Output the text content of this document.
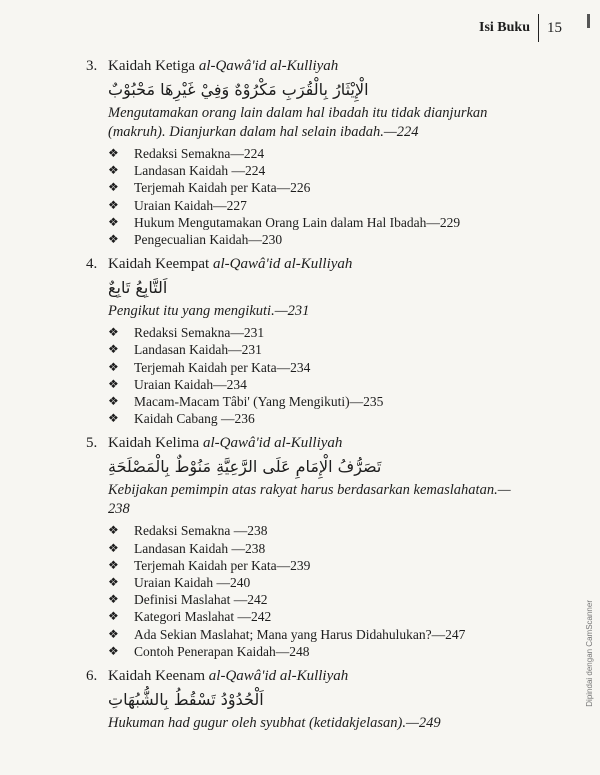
Isi Buku	15
3. Kaidah Ketiga al-Qawâ'id al-Kulliyah
الْإِيْثَارُ بِالْقُرَبِ مَكْرُوْهٌ وَفِيْ غَيْرِهَا مَحْبُوْبٌ
Mengutamakan orang lain dalam hal ibadah itu tidak dianjurkan (makruh). Dianjurkan dalam hal selain ibadah.—224
❖	Redaksi Semakna—224
❖	Landasan Kaidah —224
❖	Terjemah Kaidah per Kata—226
❖	Uraian Kaidah—227
❖	Hukum Mengutamakan Orang Lain dalam Hal Ibadah—229
❖	Pengecualian Kaidah—230
4. Kaidah Keempat al-Qawâ'id al-Kulliyah
اَلتَّابِعُ تَابِعٌ
Pengikut itu yang mengikuti.—231
❖	Redaksi Semakna—231
❖	Landasan Kaidah—231
❖	Terjemah Kaidah per Kata—234
❖	Uraian Kaidah—234
❖	Macam-Macam Tâbi' (Yang Mengikuti)—235
❖	Kaidah Cabang —236
5. Kaidah Kelima al-Qawâ'id al-Kulliyah
تَصَرُّفُ الْإِمَامِ عَلَى الرَّعِيَّةِ مَنُوْطٌ بِالْمَصْلَحَةِ
Kebijakan pemimpin atas rakyat harus berdasarkan kemaslahatan.—238
❖	Redaksi Semakna —238
❖	Landasan Kaidah —238
❖	Terjemah Kaidah per Kata—239
❖	Uraian Kaidah —240
❖	Definisi Maslahat —242
❖	Kategori Maslahat —242
❖	Ada Sekian Maslahat; Mana yang Harus Didahulukan?—247
❖	Contoh Penerapan Kaidah—248
6. Kaidah Keenam al-Qawâ'id al-Kulliyah
اَلْحُدُوْدُ تَسْقُطُ بِالشُّبُهَاتِ
Hukuman had gugur oleh syubhat (ketidakjelasan).—249
Dipindai dengan CamScanner
